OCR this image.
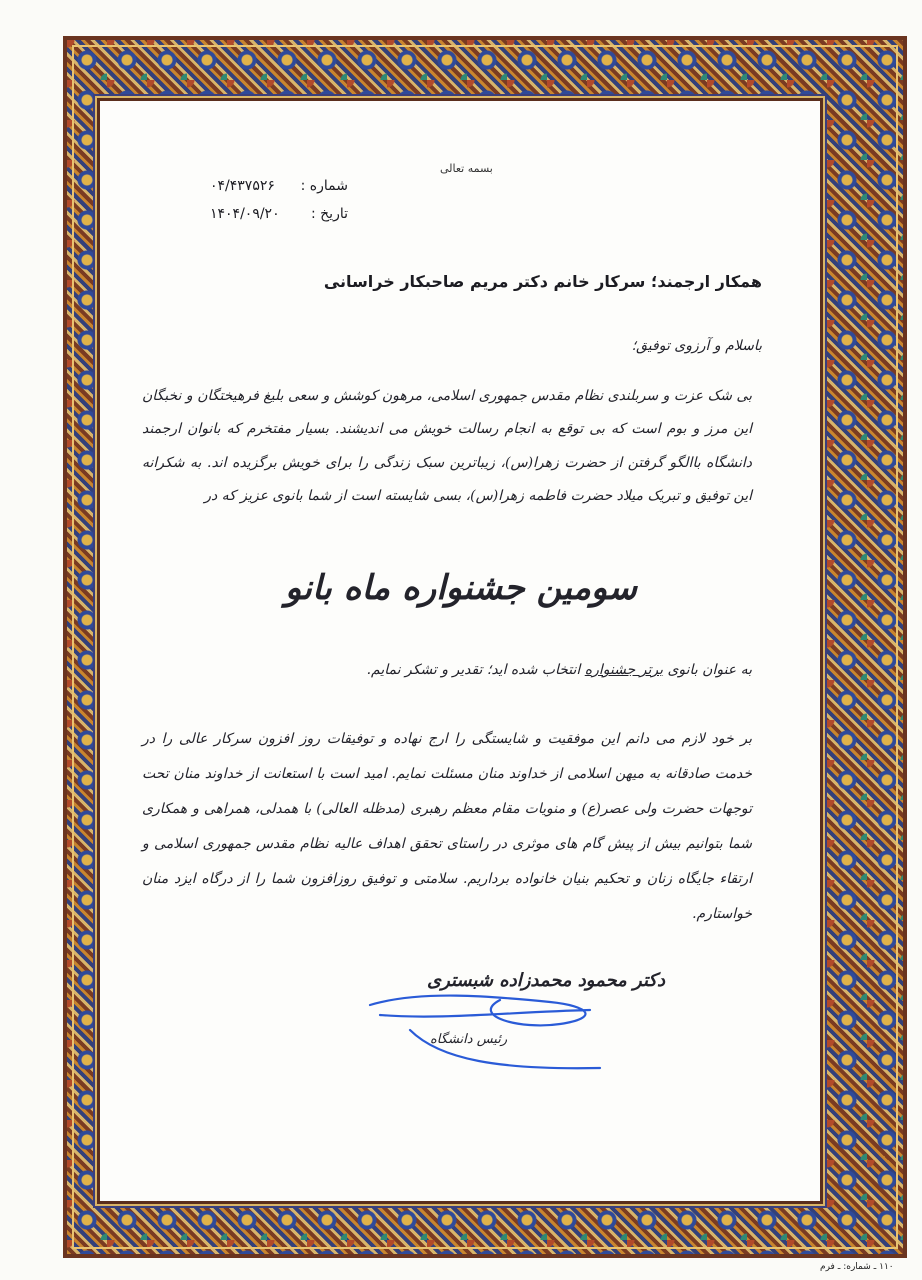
بسمه تعالی
شماره :
۰۴/۴۳۷۵۲۶
تاریخ :
۱۴۰۴/۰۹/۲۰
همکار ارجمند؛ سرکار خانم دکتر مریم صاحبکار خراسانی
باسلام و آرزوی توفیق؛
بی شک عزت و سربلندی نظام مقدس جمهوری اسلامی، مرهون کوشش و سعی بلیغ فرهیختگان و نخبگان این مرز و بوم است که بی توقع به انجام رسالت خویش می اندیشند. بسیار مفتخرم که بانوان ارجمند دانشگاه باالگو گرفتن از حضرت زهرا(س)، زیباترین سبک زندگی را برای خویش برگزیده اند. به شکرانه این توفیق و تبریک میلاد حضرت فاطمه زهرا(س)، بسی شایسته است از شما بانوی عزیز که در
سومین جشنواره ماه بانو
به عنوان بانوی برتر جشنواره انتخاب شده اید؛ تقدیر و تشکر نمایم.
بر خود لازم می دانم این موفقیت و شایستگی را ارج نهاده و توفیقات روز افزون سرکار عالی را در خدمت صادقانه به میهن اسلامی از خداوند منان مسئلت نمایم. امید است با استعانت از خداوند منان تحت توجهات حضرت ولی عصر(ع) و منویات مقام معظم رهبری (مدظله العالی) با همدلی، همراهی و همکاری شما بتوانیم بیش از پیش گام های موثری در راستای تحقق اهداف عالیه نظام مقدس جمهوری اسلامی و ارتقاء جایگاه زنان و تحکیم بنیان خانواده برداریم. سلامتی و توفیق روزافزون شما را از درگاه ایزد منان خواستارم.
دکتر محمود محمدزاده شبستری
رئیس دانشگاه
۱۱۰ ـ شماره: ـ فرم
